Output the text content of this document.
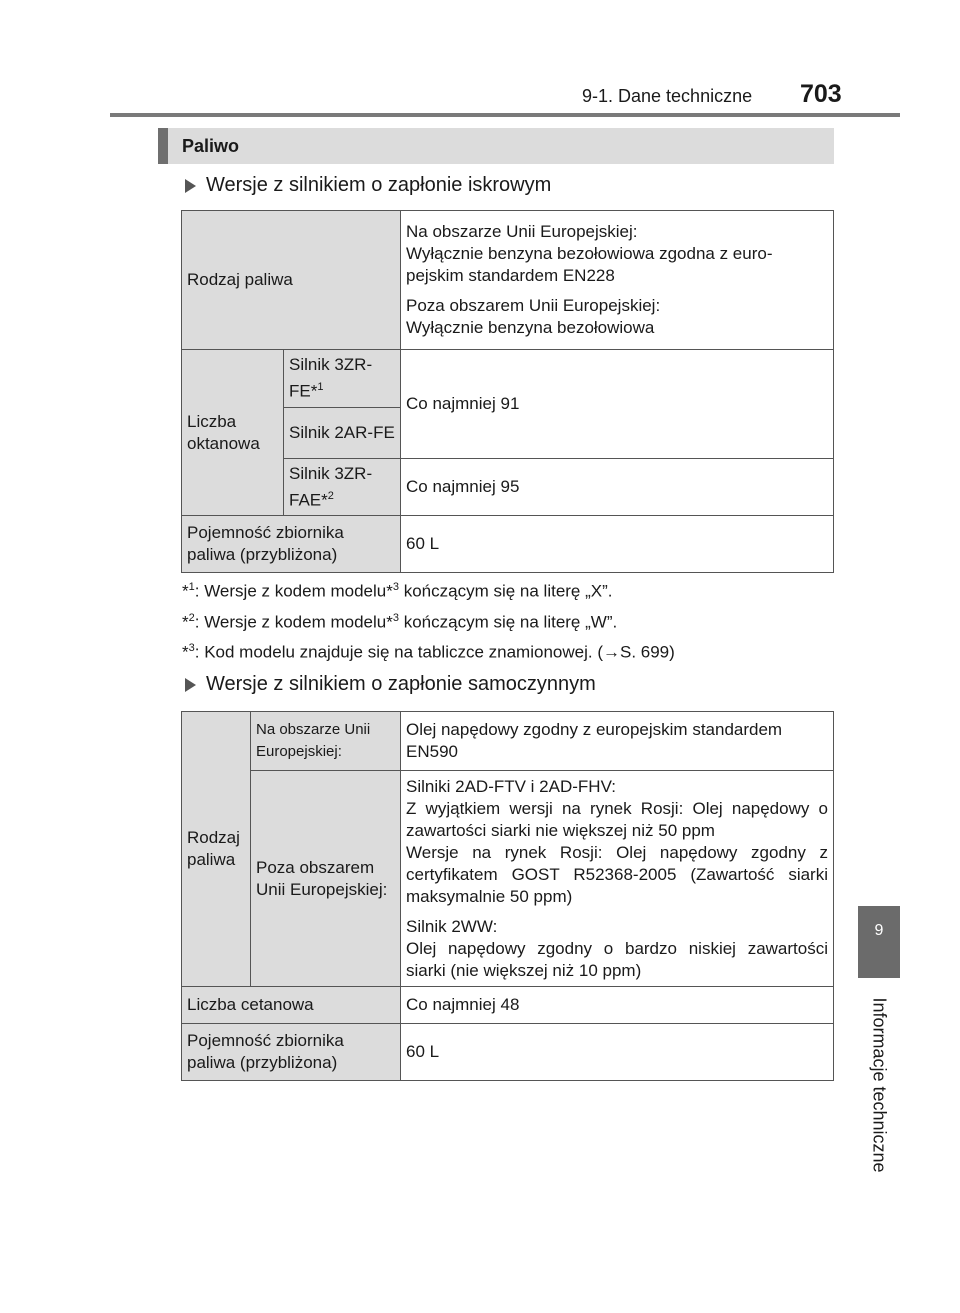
9-1. Dane techniczne 703
Paliwo
Wersje z silnikiem o zapłonie iskrowym
Rodzaj paliwa		Na obszarze Unii Europejskiej:
Wyłącznie benzyna bezołowiowa zgodna z euro-pejskim standardem EN228
Poza obszarem Unii Europejskiej:
Wyłącznie benzyna bezołowiowa

Liczba oktanowa	Silnik 3ZR-FE*$^1$	Co najmniej 91
	Silnik 2AR-FE	
	Silnik 3ZR-FAE*$^2$	Co najmniej 95
Pojemność zbiornika paliwa (przybliżona)		60 L
*$^1$: Wersje z kodem modelu*$^3$ kończącym się na literę „X”.
*$^2$: Wersje z kodem modelu*$^3$ kończącym się na literę „W”.
*$^3$: Kod modelu znajduje się na tabliczce znamionowej. (→S. 699)
Wersje z silnikiem o zapłonie samoczynnym
Rodzaj paliwa	Na obszarze Unii Europejskiej:	Olej napędowy zgodny z europejskim standardem EN590
	Poza obszarem Unii Europejskiej:	Silniki 2AD-FTV i 2AD-FHV:
Z wyjątkiem wersji na rynek Rosji: Olej napędowy o zawartości siarki nie większej niż 50 ppm
Wersje na rynek Rosji: Olej napędowy zgodny z certyfikatem GOST R52368-2005 (Zawartość siarki maksymalnie 50 ppm)
Silnik 2WW:
Olej napędowy zgodny o bardzo niskiej zawartości siarki (nie większej niż 10 ppm)

Liczba cetanowa		Co najmniej 48
Pojemność zbiornika paliwa (przybliżona)		60 L
9
Informacje techniczne
